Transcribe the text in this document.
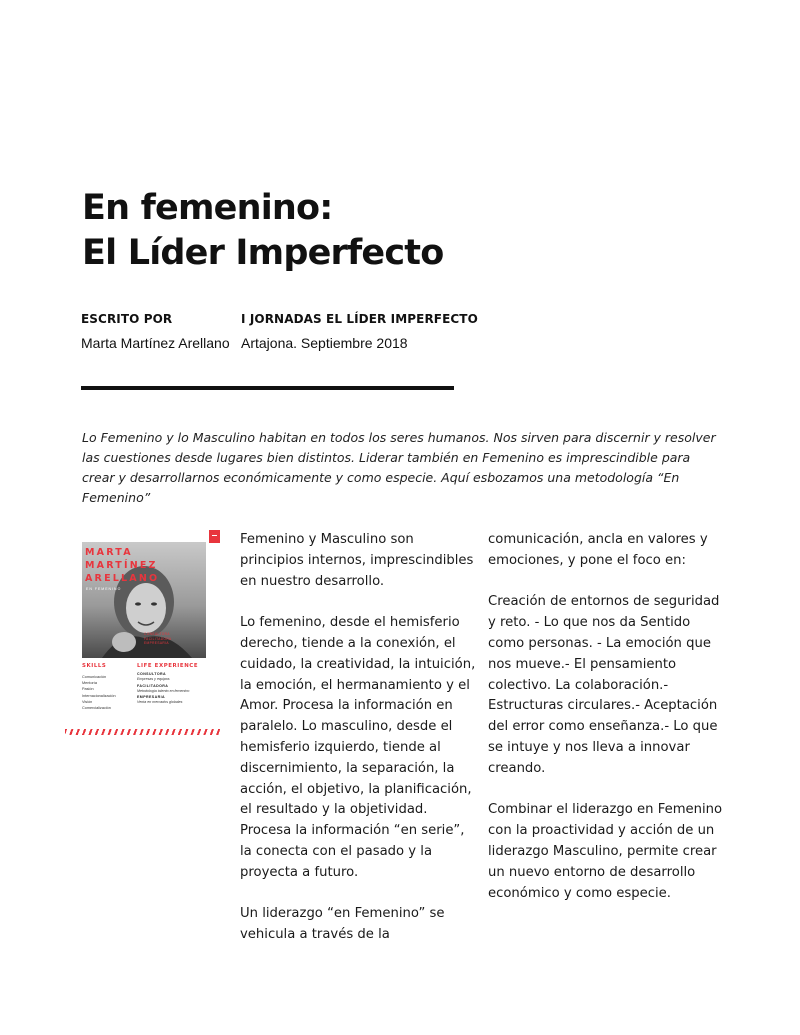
En femenino:
El Líder Imperfecto
ESCRITO POR
Marta Martínez Arellano
I JORNADAS EL LÍDER IMPERFECTO
Artajona. Septiembre 2018

Lo Femenino y lo Masculino habitan en todos los seres humanos. Nos sirven para discernir y resolver las cuestiones desde lugares bien distintos. Liderar también en Femenino es imprescindible para crear y desarrollarnos económicamente y como especie. Aquí esbozamos una metodología “En Femenino”

MARTA
MARTÍNEZ
ARELLANO
EN FEMENINO
CONSULTORA
FACILITADORA
EMPRESARIA
SKILLS	LIFE EXPERIENCE
Comunicación
Mentoría
Pasión
Internacionalización
Visión
Comercialización
CONSULTORA
Empresas y equipos
FACILITADORA
Metodología talento en femenino
EMPRESARIA
Venta en mercados globales

Femenino y Masculino son principios internos, imprescindibles en nuestro desarrollo.

Lo femenino, desde el hemisferio derecho, tiende a la conexión, el cuidado, la creatividad, la intuición, la emoción, el hermanamiento y el Amor. Procesa la información en paralelo. Lo masculino, desde el hemisferio izquierdo, tiende al discernimiento, la separación, la acción, el objetivo, la planificación, el resultado y la objetividad. Procesa la información “en serie”, la conecta con el pasado y la proyecta a futuro.

Un liderazgo “en Femenino” se vehicula a través de la

comunicación, ancla en valores y emociones, y pone el foco en:

Creación de entornos de seguridad y reto. - Lo que nos da Sentido como personas. - La emoción que nos mueve.- El pensamiento colectivo. La colaboración.- Estructuras circulares.- Aceptación del error como enseñanza.- Lo que se intuye y nos lleva a innovar creando.

Combinar el liderazgo en Femenino con la proactividad y acción de un liderazgo Masculino, permite crear un nuevo entorno de desarrollo económico y como especie.
